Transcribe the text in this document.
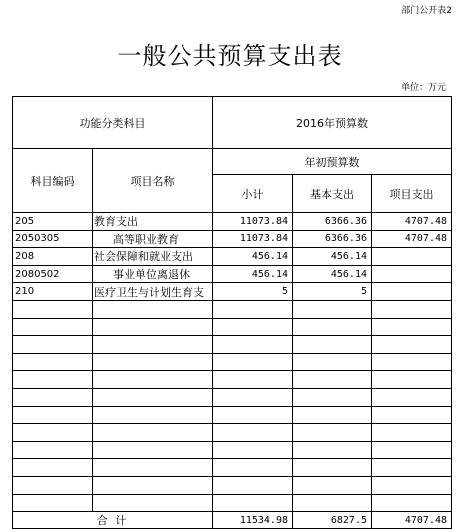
部门公开表2
一般公共预算支出表
单位：万元
功能分类科目		2016年预算数		
科目编码	项目名称	年初预算数		
		小计	基本支出	项目支出
205	教育支出	11073.84	6366.36	4707.48
2050305	高等职业教育	11073.84	6366.36	4707.48
208	社会保障和就业支出	456.14	456.14	
2080502	事业单位离退休	456.14	456.14	
210	医疗卫生与计划生育支	5	5	

合 计		11534.98	6827.5	4707.48
